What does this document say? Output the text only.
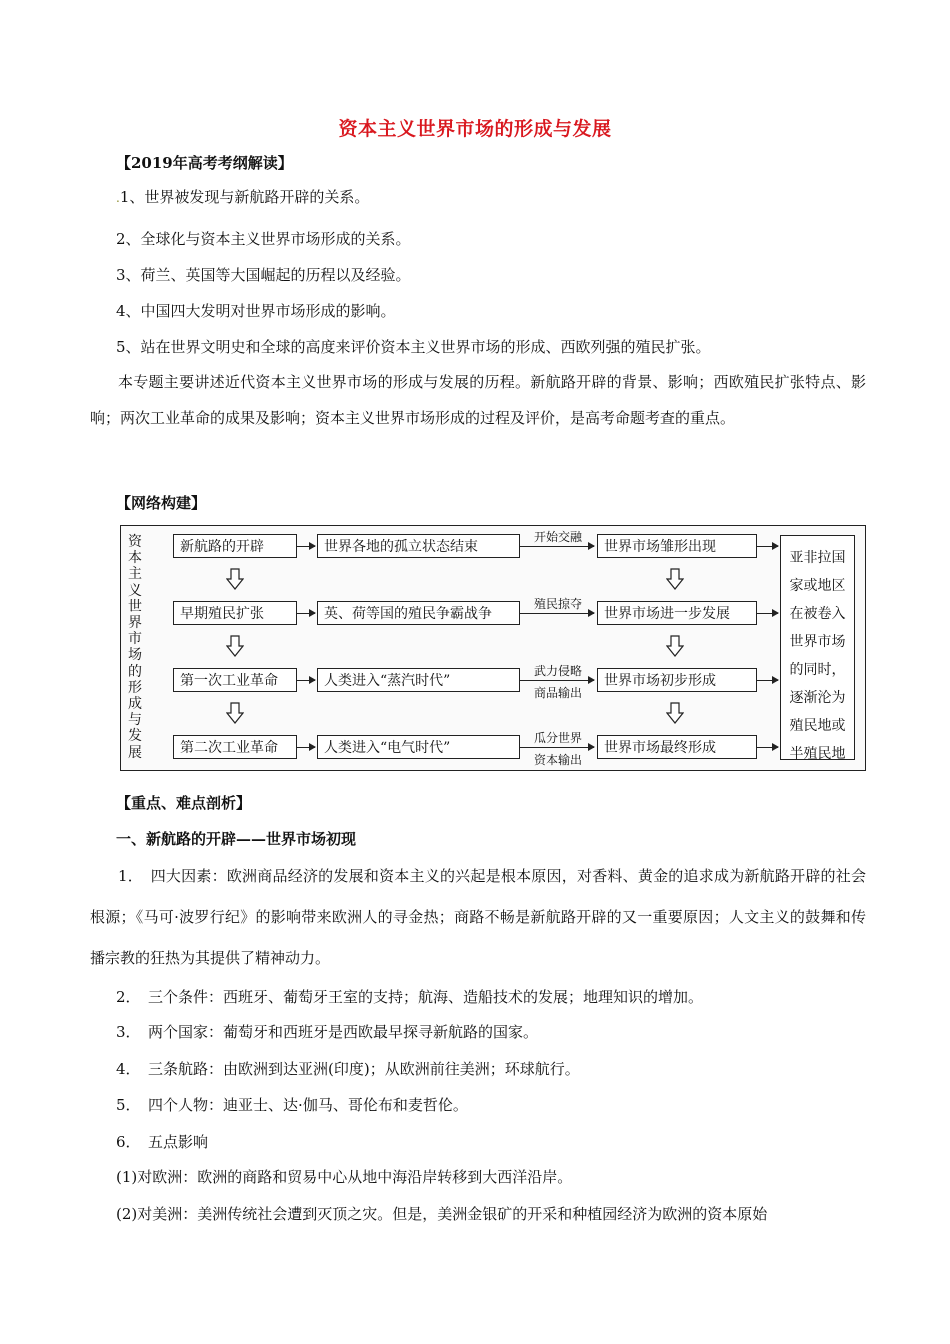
资本主义世界市场的形成与发展
【2019年高考考纲解读】
.1、世界被发现与新航路开辟的关系。
2、全球化与资本主义世界市场形成的关系。
3、荷兰、英国等大国崛起的历程以及经验。
4、中国四大发明对世界市场形成的影响。
5、站在世界文明史和全球的高度来评价资本主义世界市场的形成、西欧列强的殖民扩张。
本专题主要讲述近代资本主义世界市场的形成与发展的历程。新航路开辟的背景、影响；西欧殖民扩张特点、影响；两次工业革命的成果及影响；资本主义世界市场形成的过程及评价，是高考命题考查的重点。
【网络构建】
资本主义世界市场的形成与发展
新航路的开辟	世界各地的孤立状态结束
开始交融
世界市场雏形出现
早期殖民扩张	英、荷等国的殖民争霸战争
殖民掠夺
世界市场进一步发展
第一次工业革命	人类进入“蒸汽时代”
武力侵略
商品输出
世界市场初步形成
第二次工业革命	人类进入“电气时代”
瓜分世界
资本输出
世界市场最终形成
亚非拉国
家或地区
在被卷入
世界市场
的同时，
逐渐沦为
殖民地或
半殖民地
【重点、难点剖析】
一、新航路的开辟——世界市场初现
1．　四大因素：欧洲商品经济的发展和资本主义的兴起是根本原因，对香料、黄金的追求成为新航路开辟的社会根源；《马可·波罗行纪》的影响带来欧洲人的寻金热；商路不畅是新航路开辟的又一重要原因；人文主义的鼓舞和传播宗教的狂热为其提供了精神动力。
2．　三个条件：西班牙、葡萄牙王室的支持；航海、造船技术的发展；地理知识的增加。
3．　两个国家：葡萄牙和西班牙是西欧最早探寻新航路的国家。
4．　三条航路：由欧洲到达亚洲(印度)；从欧洲前往美洲；环球航行。
5．　四个人物：迪亚士、达·伽马、哥伦布和麦哲伦。
6．　五点影响
(1)对欧洲：欧洲的商路和贸易中心从地中海沿岸转移到大西洋沿岸。
(2)对美洲：美洲传统社会遭到灭顶之灾。但是，美洲金银矿的开采和种植园经济为欧洲的资本原始
